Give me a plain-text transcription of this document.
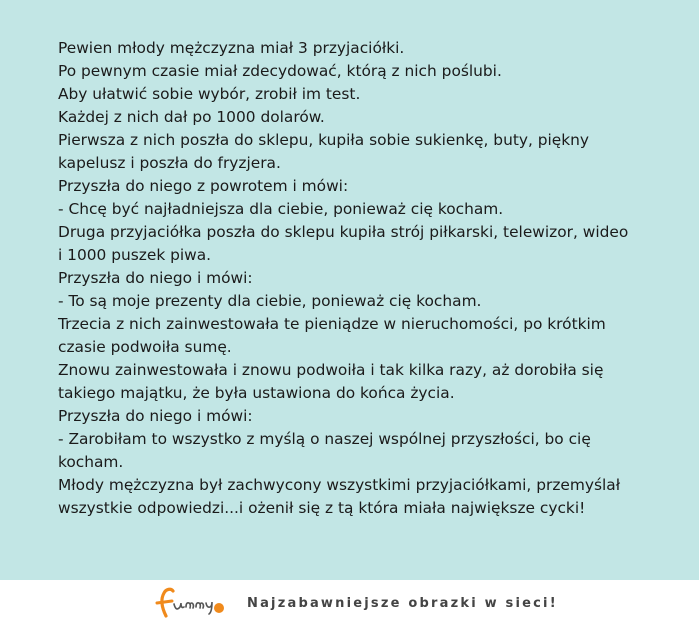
Pewien młody mężczyzna miał 3 przyjaciółki.
Po pewnym czasie miał zdecydować, którą z nich poślubi.
Aby ułatwić sobie wybór, zrobił im test.
Każdej z nich dał po 1000 dolarów.
Pierwsza z nich poszła do sklepu, kupiła sobie sukienkę, buty, piękny
kapelusz i poszła do fryzjera.
Przyszła do niego z powrotem i mówi:
- Chcę być najładniejsza dla ciebie, ponieważ cię kocham.
Druga przyjaciółka poszła do sklepu kupiła strój piłkarski, telewizor, wideo
i 1000 puszek piwa.
Przyszła do niego i mówi:
- To są moje prezenty dla ciebie, ponieważ cię kocham.
Trzecia z nich zainwestowała te pieniądze w nieruchomości, po krótkim
czasie podwoiła sumę.
Znowu zainwestowała i znowu podwoiła i tak kilka razy, aż dorobiła się
takiego majątku, że była ustawiona do końca życia.
Przyszła do niego i mówi:
- Zarobiłam to wszystko z myślą o naszej wspólnej przyszłości, bo cię
kocham.
Młody mężczyzna był zachwycony wszystkimi przyjaciółkami, przemyślał
wszystkie odpowiedzi...i ożenił się z tą która miała największe cycki!
Najzabawniejsze obrazki w sieci!
